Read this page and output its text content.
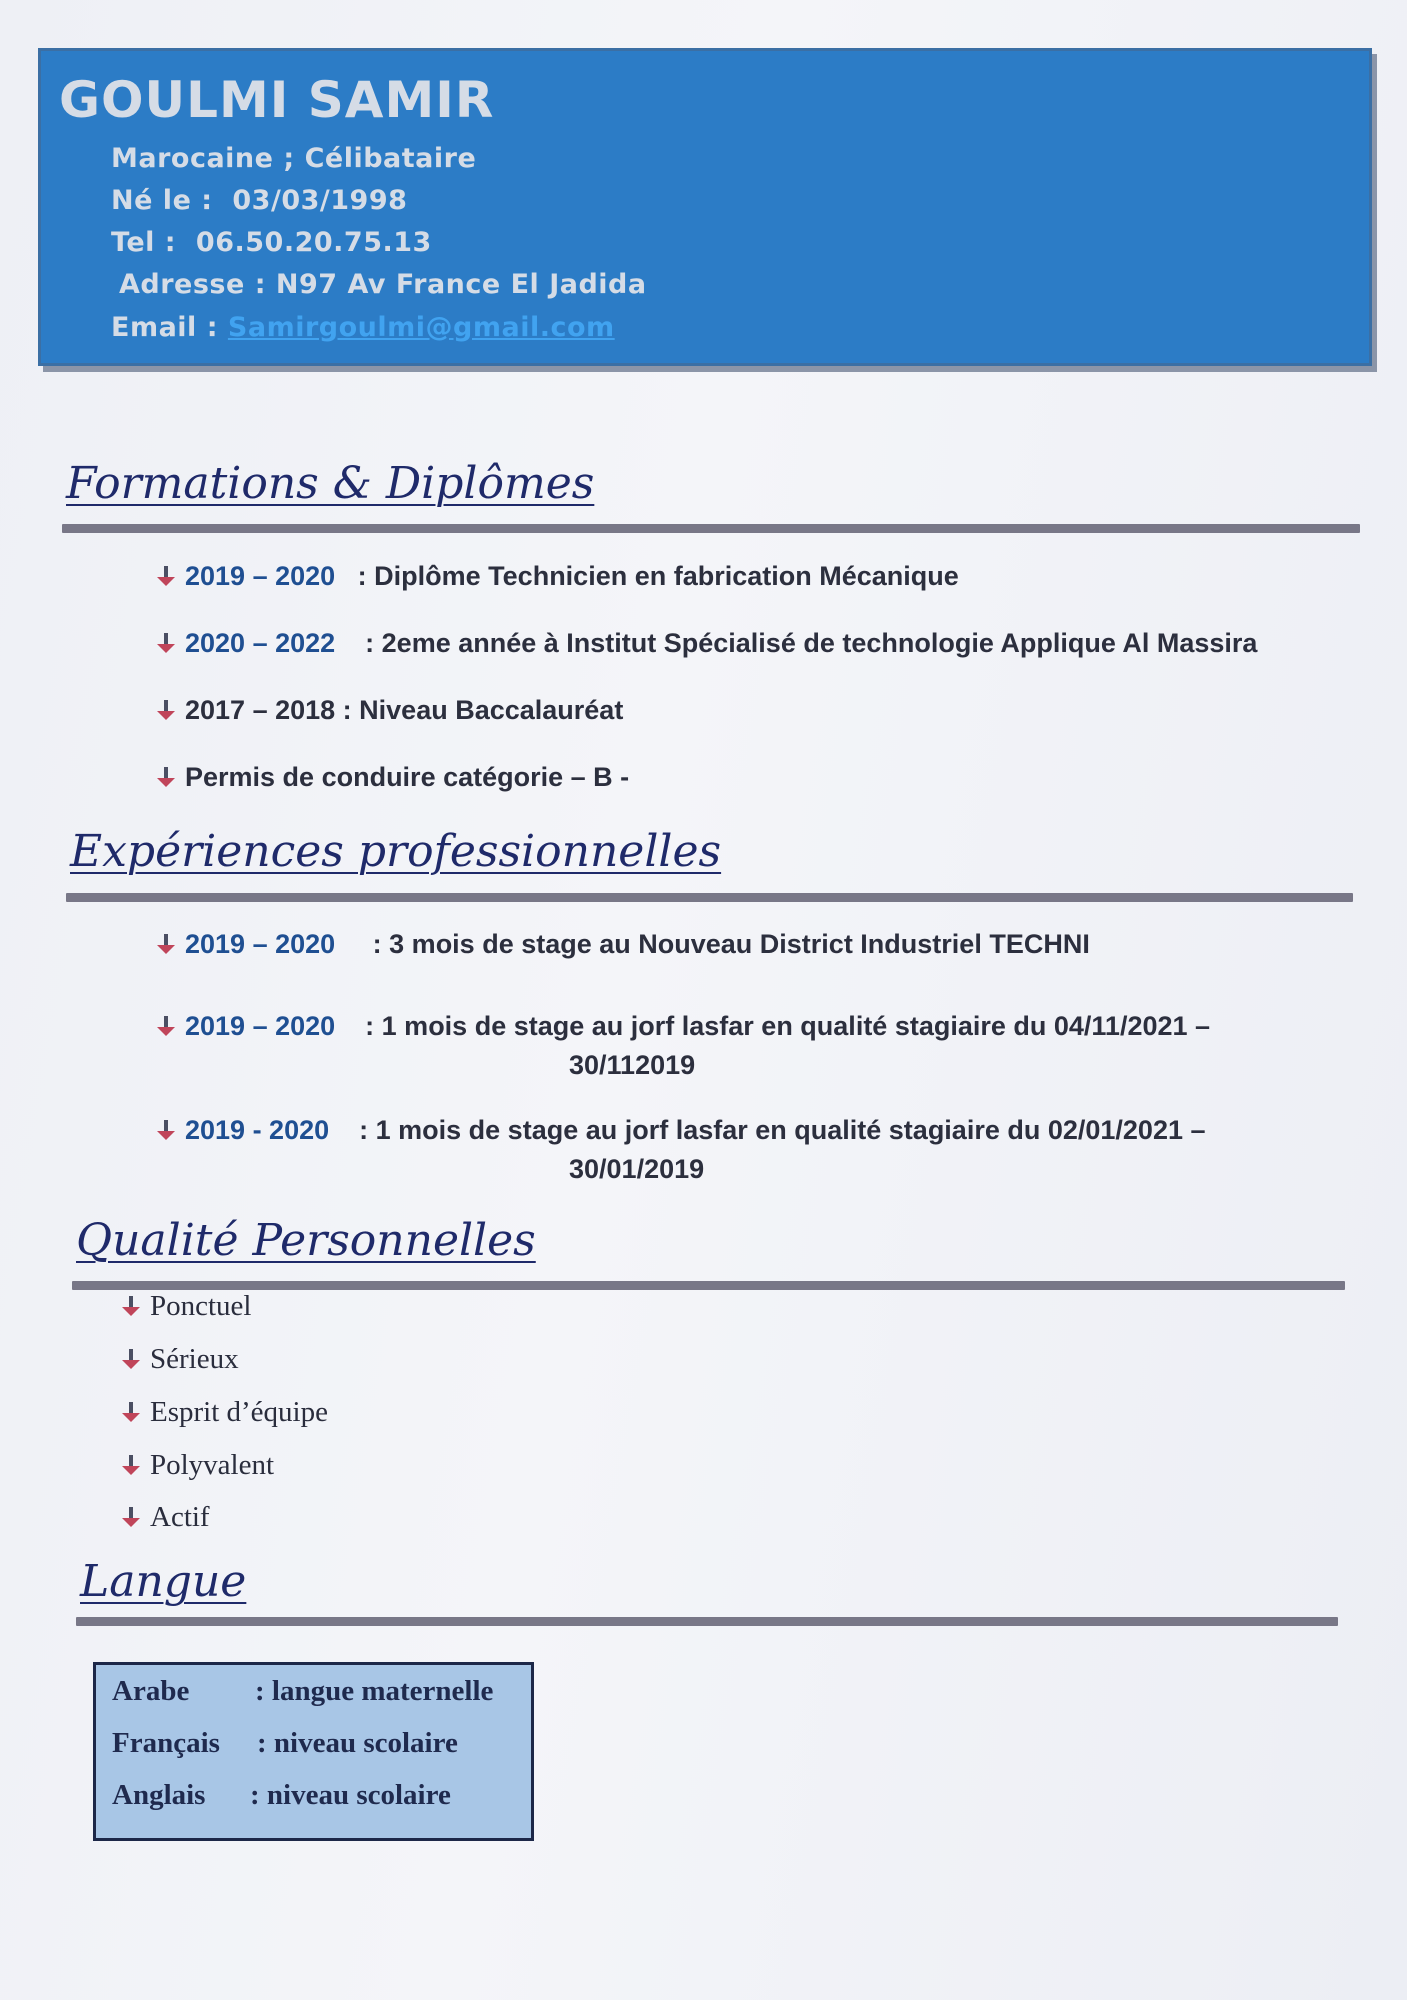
GOULMI SAMIR
Marocaine ; Célibataire
Né le : 03/03/1998
Tel : 06.50.20.75.13
Adresse : N97 Av France El Jadida
Email : Samirgoulmi@gmail.com
Formations & Diplômes
2019 – 2020 : Diplôme Technicien en fabrication Mécanique
2020 – 2022 : 2eme année à Institut Spécialisé de technologie Applique Al Massira
2017 – 2018 : Niveau Baccalauréat
Permis de conduire catégorie – B -
Expériences professionnelles
2019 – 2020 : 3 mois de stage au Nouveau District Industriel TECHNI
2019 – 2020 : 1 mois de stage au jorf lasfar en qualité stagiaire du 04/11/2021 –
30/112019
2019 - 2020 : 1 mois de stage au jorf lasfar en qualité stagiaire du 02/01/2021 –
30/01/2019
Qualité Personnelles
Ponctuel
Sérieux
Esprit d’équipe
Polyvalent
Actif
Langue
Arabe : langue maternelle
Français : niveau scolaire
Anglais : niveau scolaire
